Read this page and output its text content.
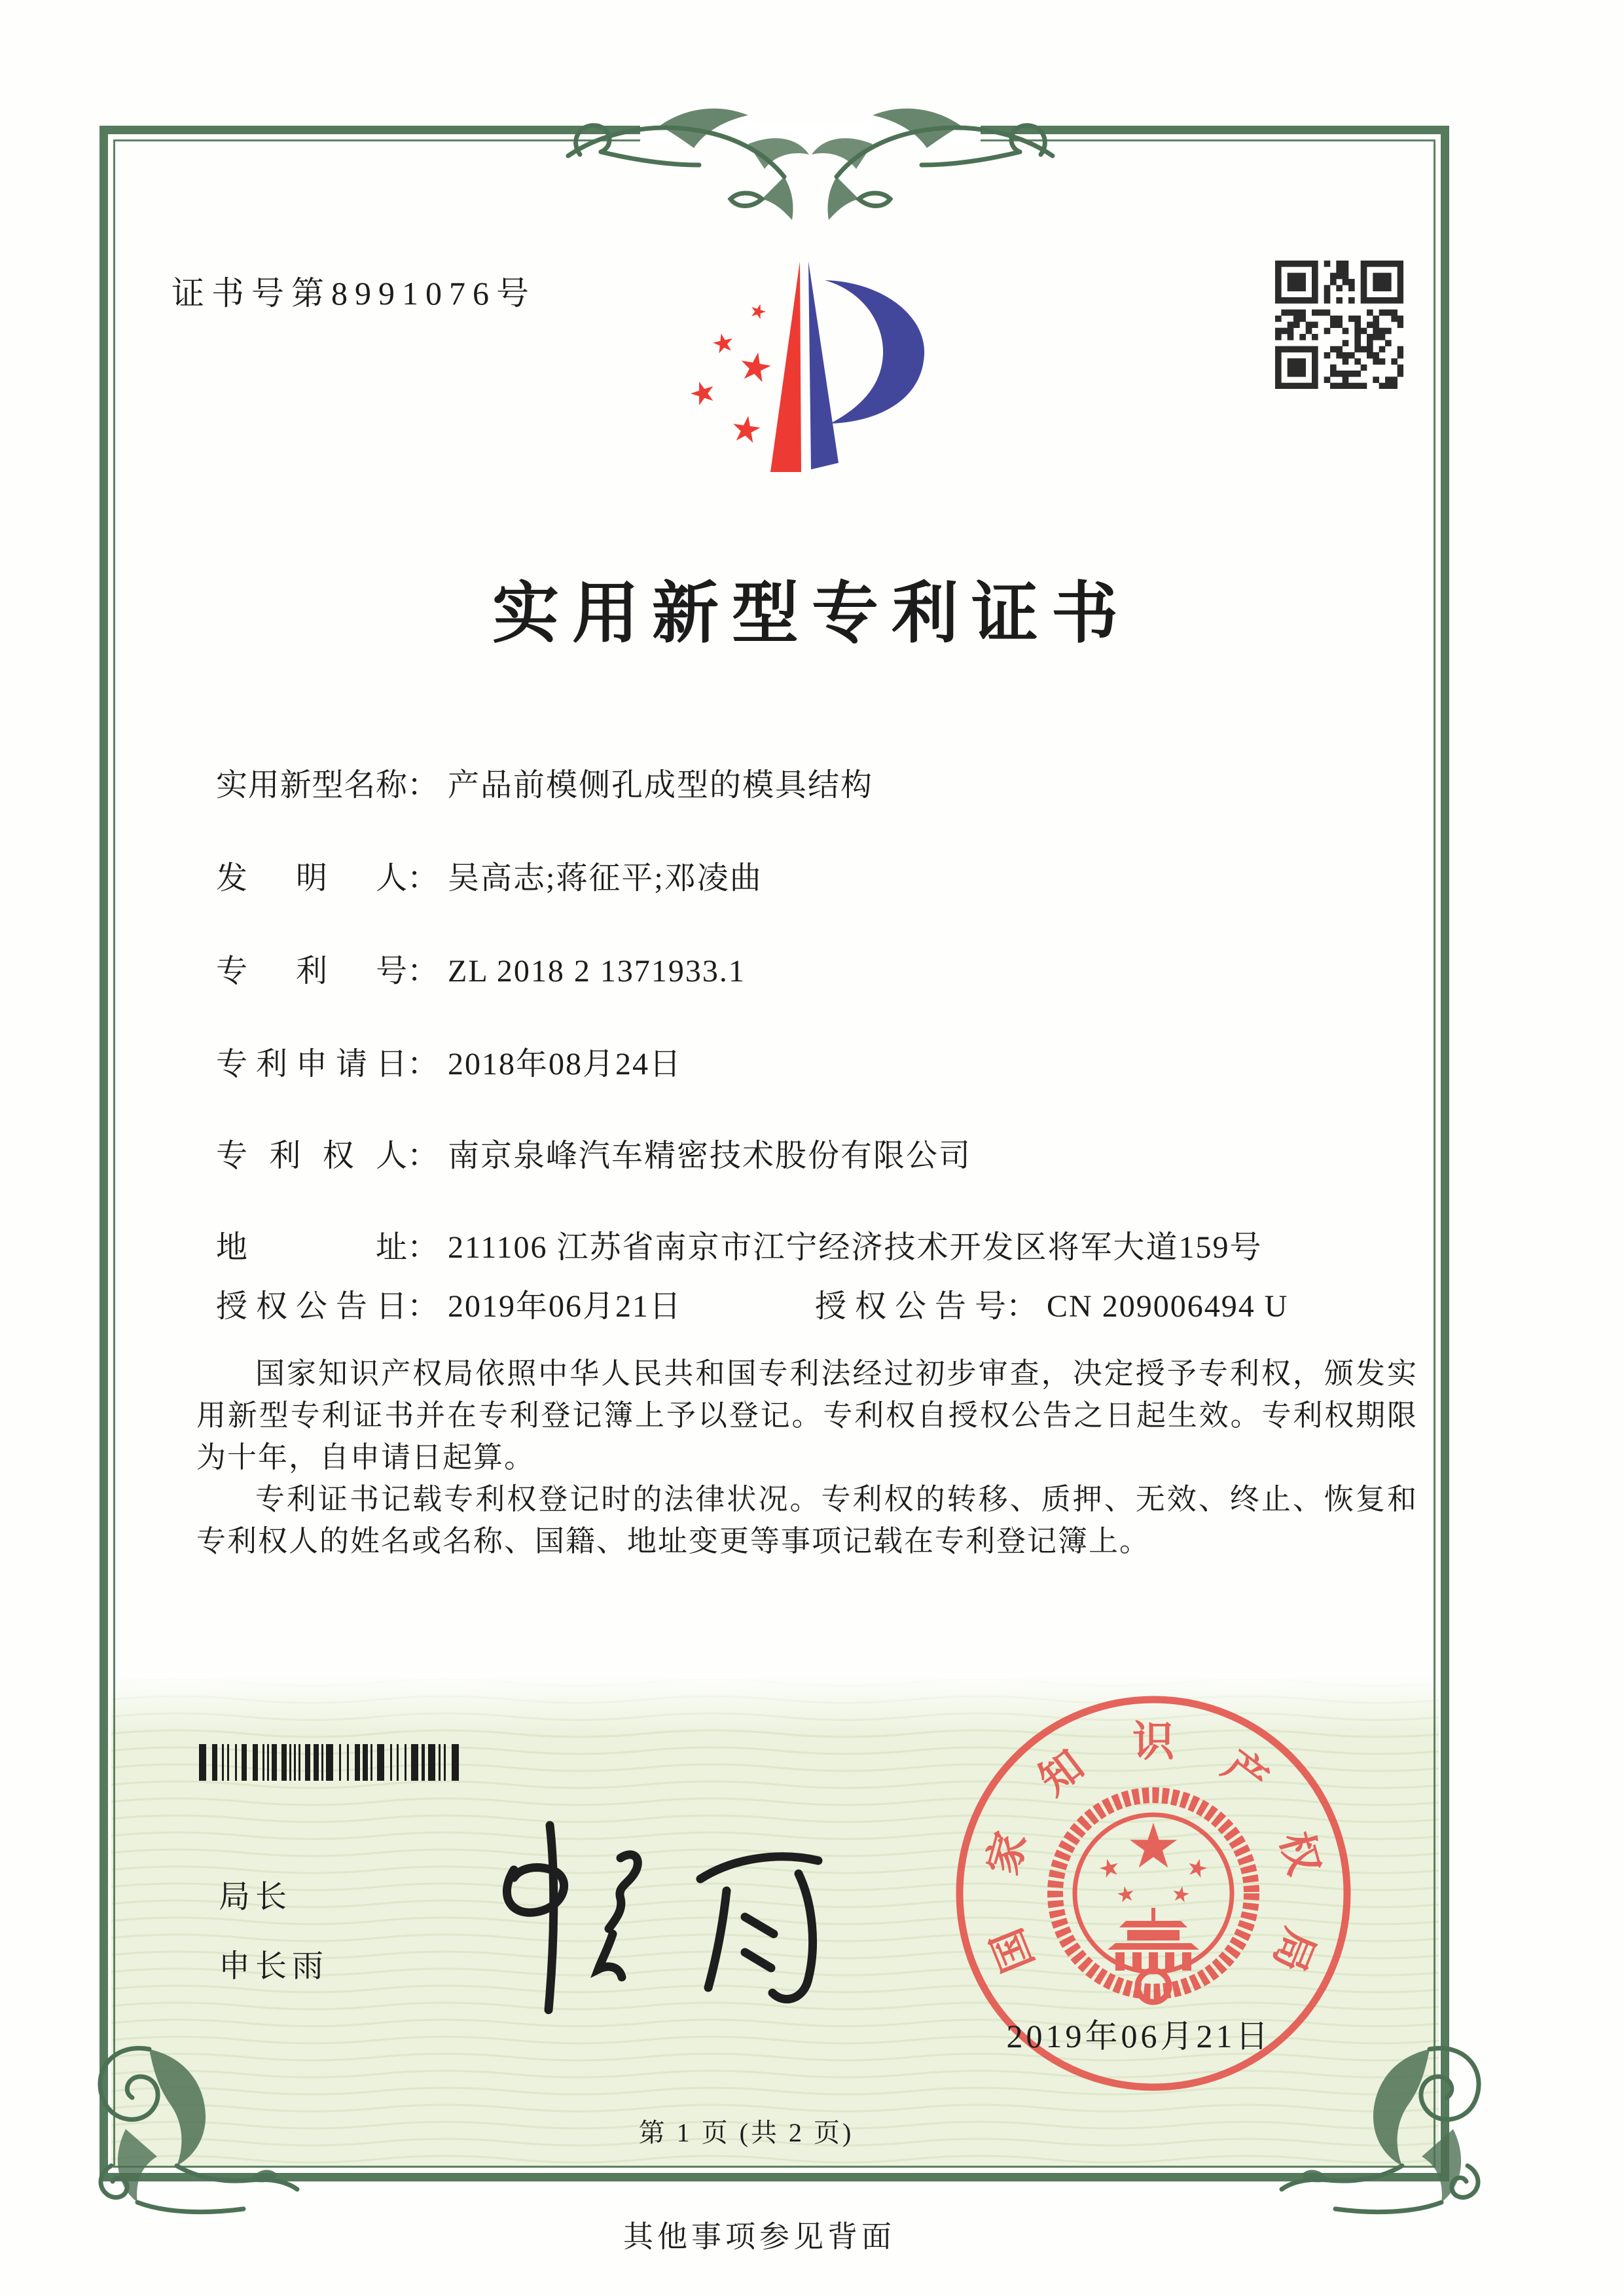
证书号第8991076号
实用新型专利证书
实用新型名称： 产品前模侧孔成型的模具结构
发明人： 吴高志;蒋征平;邓凌曲
专利号： ZL 2018 2 1371933.1
专利申请日： 2018年08月24日
专利权人： 南京泉峰汽车精密技术股份有限公司
地址： 211106 江苏省南京市江宁经济技术开发区将军大道159号
授权公告日： 2019年06月21日	授权公告号： CN 209006494 U

国家知识产权局依照中华人民共和国专利法经过初步审查，决定授予专利权，颁发实用新型专利证书并在专利登记簿上予以登记。专利权自授权公告之日起生效。专利权期限为十年，自申请日起算。

专利证书记载专利权登记时的法律状况。专利权的转移、质押、无效、终止、恢复和专利权人的姓名或名称、国籍、地址变更等事项记载在专利登记簿上。

局长
申长雨	国
家
知 识 产
权
局
2019年06月21日
第 1 页 (共 2 页)
其他事项参见背面
